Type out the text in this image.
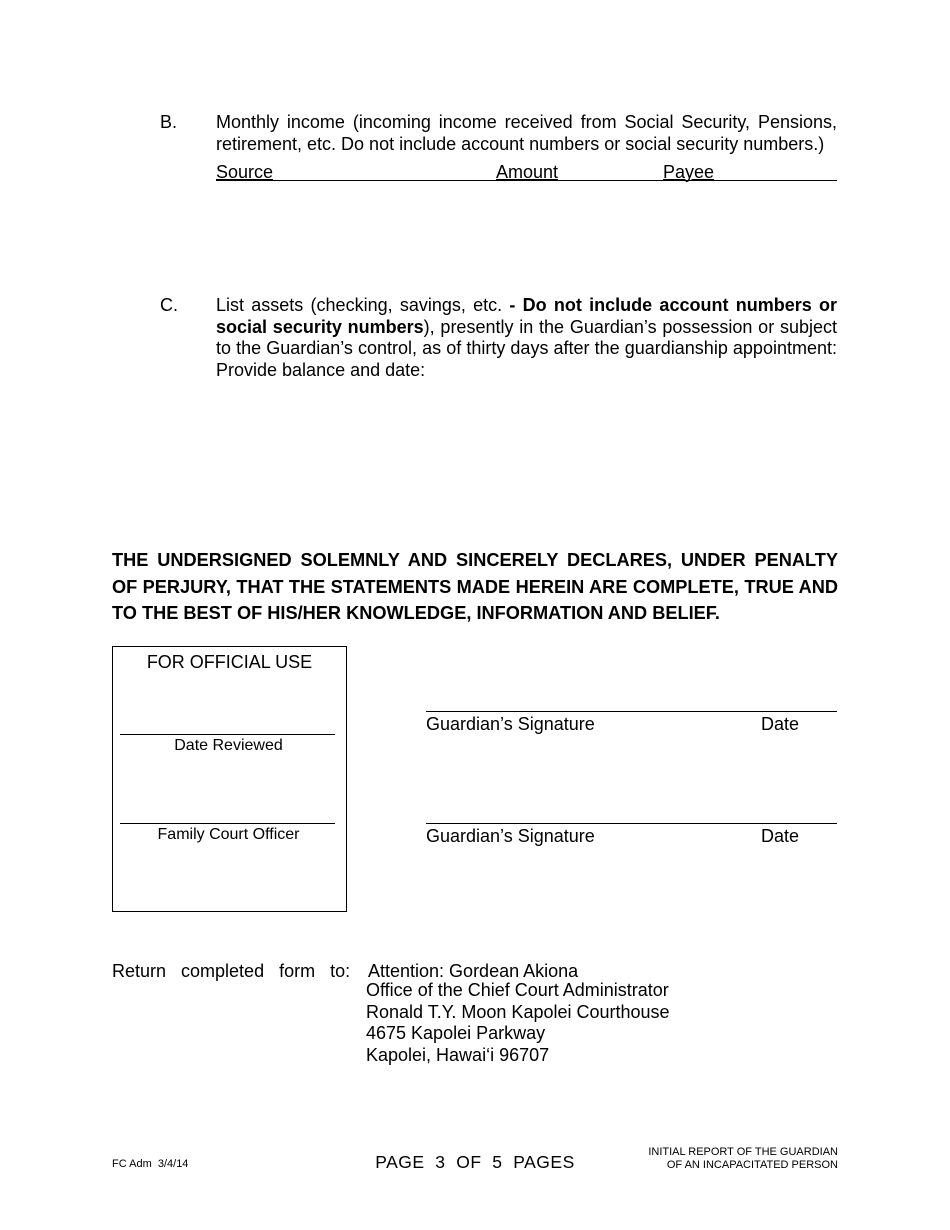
B. Monthly income (incoming income received from Social Security, Pensions, retirement, etc. Do not include account numbers or social security numbers.)
Source	Amount	Payee
C. List assets (checking, savings, etc. - Do not include account numbers or social security numbers), presently in the Guardian’s possession or subject to the Guardian’s control, as of thirty days after the guardianship appointment: Provide balance and date:
THE UNDERSIGNED SOLEMNLY AND SINCERELY DECLARES, UNDER PENALTY OF PERJURY, THAT THE STATEMENTS MADE HEREIN ARE COMPLETE, TRUE AND TO THE BEST OF HIS/HER KNOWLEDGE, INFORMATION AND BELIEF.
FOR OFFICIAL USE
Date Reviewed
Family Court Officer
Guardian’s Signature	Date
Guardian’s Signature	Date
Return   completed   form   to: Attention: Gordean Akiona
Office of the Chief Court Administrator
Ronald T.Y. Moon Kapolei Courthouse
4675 Kapolei Parkway
Kapolei, Hawai‘i 96707
FC Adm  3/4/14	PAGE  3  OF  5  PAGES	INITIAL REPORT OF THE GUARDIAN
OF AN INCAPACITATED PERSON
